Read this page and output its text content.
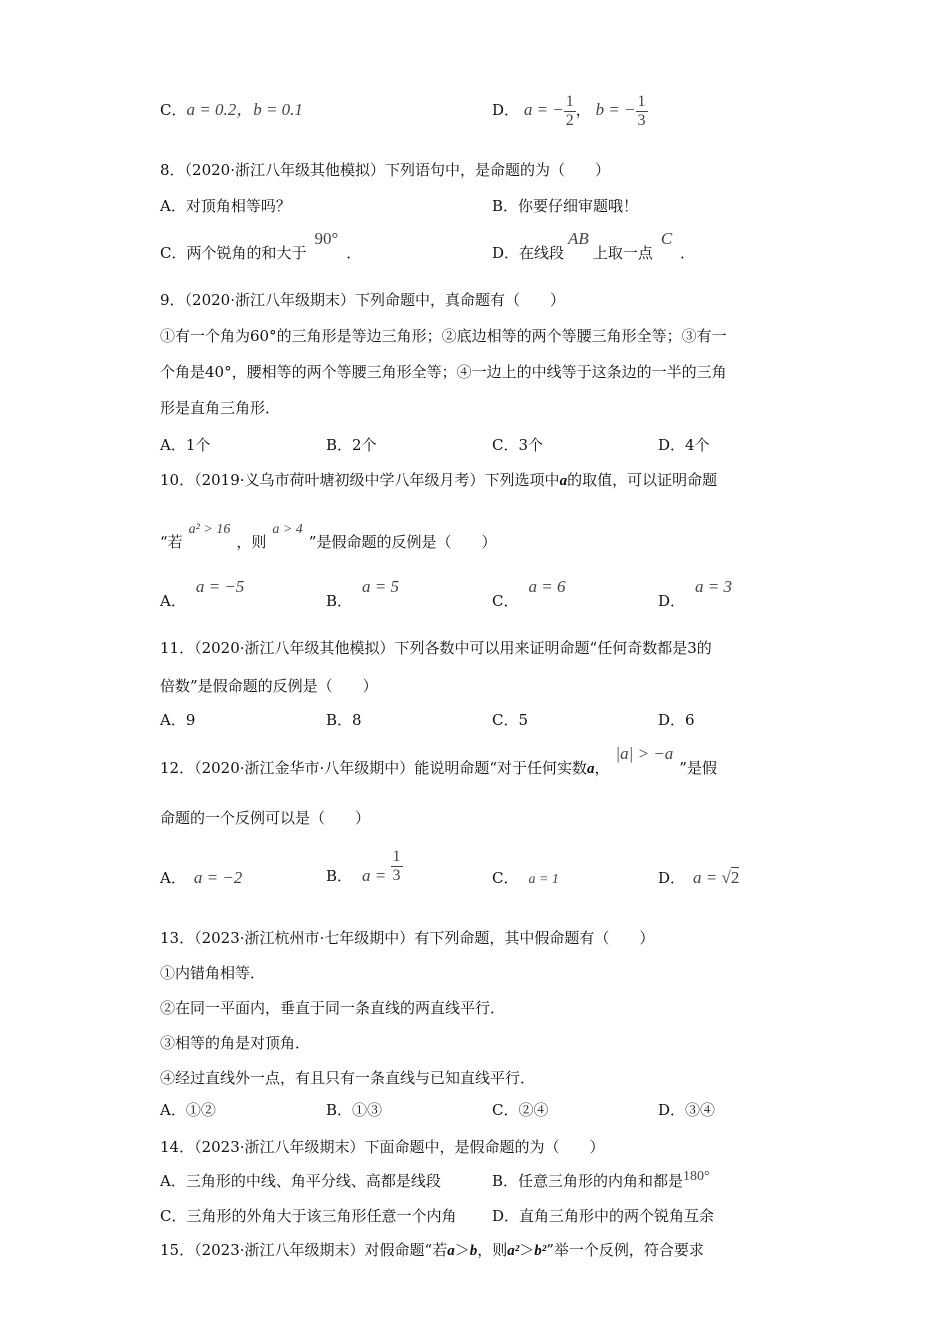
C．a = 0.2，b = 0.1	D． a = − $\frac{1}{2}$ ， b = − $\frac{1}{3}$
8．（2020·浙江八年级其他模拟）下列语句中，是命题的为（　　）
A．对顶角相等吗？	B．你要仔细审题哦！
C．两个锐角的和大于90°．	D．在线段AB上取一点C．
9．（2020·浙江八年级期末）下列命题中，真命题有（　　）
①有一个角为60°的三角形是等边三角形；②底边相等的两个等腰三角形全等；③有一
个角是40°，腰相等的两个等腰三角形全等；④一边上的中线等于这条边的一半的三角
形是直角三角形．
A．1个	B．2个	C．3个	D．4个
10．（2019·义乌市荷叶塘初级中学八年级月考）下列选项中a的取值，可以证明命题
“若a² > 16，则a > 4”是假命题的反例是（　　）
A．a = −5
B．a = 5
C．a = 6
D．a = 3
11．（2020·浙江八年级其他模拟）下列各数中可以用来证明命题“任何奇数都是3的
倍数”是假命题的反例是（　　）
A．9	B．8	C．5	D．6
12．（2020·浙江金华市·八年级期中）能说明命题“对于任何实数a，|a| > −a”是假
命题的一个反例可以是（　　）
A． a = −2	B． $a = \frac{1}{3}$	C． a = 1	D． a = √2
13．（2023·浙江杭州市·七年级期中）有下列命题，其中假命题有（　　）
①内错角相等．
②在同一平面内，垂直于同一条直线的两直线平行．
③相等的角是对顶角．
④经过直线外一点，有且只有一条直线与已知直线平行．
A．①②	B．①③	C．②④	D．③④
14．（2023·浙江八年级期末）下面命题中，是假命题的为（　　）
A．三角形的中线、角平分线、高都是线段	B．任意三角形的内角和都是180°
C．三角形的外角大于该三角形任意一个内角 D．直角三角形中的两个锐角互余
15．（2023·浙江八年级期末）对假命题“若a＞b，则a²＞b²”举一个反例，符合要求
